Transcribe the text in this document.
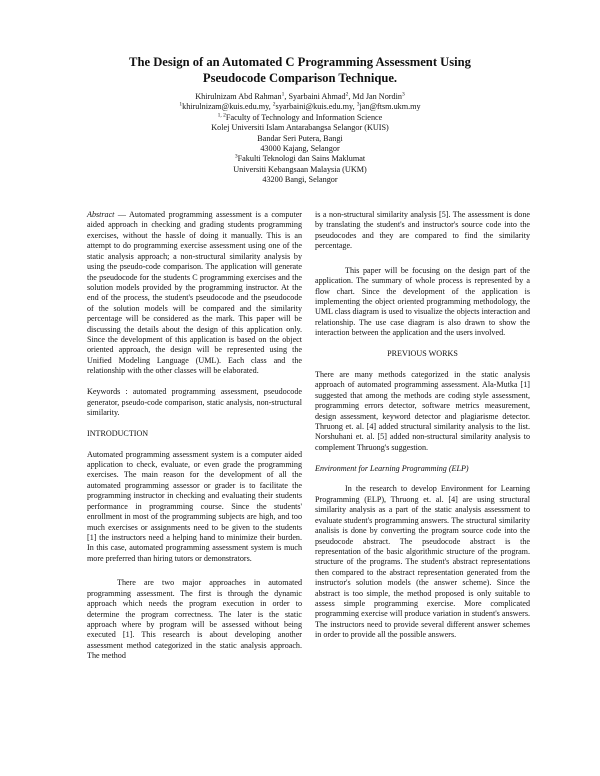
The Design of an Automated C Programming Assessment Using
Pseudocode Comparison Technique.
Khirulnizam Abd Rahman$^1$, Syarbaini Ahmad$^2$, Md Jan Nordin$^3$
$^1$khirulnizam@kuis.edu.my, $^2$syarbaini@kuis.edu.my, $^3$jan@ftsm.ukm.my
$^{1, 2}$Faculty of Technology and Information Science
Kolej Universiti Islam Antarabangsa Selangor (KUIS)
Bandar Seri Putera, Bangi
43000 Kajang, Selangor
$^3$Fakulti Teknologi dan Sains Maklumat
Universiti Kebangsaan Malaysia (UKM)
43200 Bangi, Selangor

Abstract — Automated programming assessment is a computer aided approach in checking and grading students programming exercises, without the hassle of doing it manually. This is an attempt to do programming exercise assessment using one of the static analysis approach; a non-structural similarity analysis by using the pseudo-code comparison. The application will generate the pseudocode for the students C programming exercises and the solution models provided by the programming instructor. At the end of the process, the student's pseudocode and the pseudocode of the solution models will be compared and the similarity percentage will be considered as the mark. This paper will be discussing the details about the design of this application only. Since the development of this application is based on the object oriented approach, the design will be represented using the Unified Modeling Language (UML). Each class and the relationship with the other classes will be elaborated.

Keywords : automated programming assessment, pseudocode generator, pseudo-code comparison, static analysis, non-structural similarity.

INTRODUCTION

Automated programming assessment system is a computer aided application to check, evaluate, or even grade the programming exercises. The main reason for the development of all the automated programming assessor or grader is to facilitate the programming instructor in checking and evaluating their students performance in programming course. Since the students' enrollment in most of the programming subjects are high, and too much exercises or assignments need to be given to the students [1] the instructors need a helping hand to minimize their burden. In this case, automated programming assessment system is much more preferred than hiring tutors or demonstrators.

There are two major approaches in automated programming assessment. The first is through the dynamic approach which needs the program execution in order to determine the program correctness. The later is the static approach where by program will be assessed without being executed [1]. This research is about developing another assessment method categorized in the static analysis approach. The method

is a non-structural similarity analysis [5]. The assessment is done by translating the student's and instructor's source code into the pseudocodes and they are compared to find the similarity percentage.

This paper will be focusing on the design part of the application. The summary of whole process is represented by a flow chart. Since the development of the application is implementing the object oriented programming methodology, the UML class diagram is used to visualize the objects interaction and relationship. The use case diagram is also drawn to show the interaction between the application and the users involved.

PREVIOUS WORKS

There are many methods categorized in the static analysis approach of automated programming assessment. Ala-Mutka [1] suggested that among the methods are coding style assessment, programming errors detector, software metrics measurement, design assessment, keyword detector and plagiarisme detector. Thruong et. al. [4] added structural similarity analysis to the list. Norshuhani et. al. [5] added non-structural similarity analysis to complement Thruong's suggestion.

Environment for Learning Programming (ELP)

In the research to develop Environment for Learning Programming (ELP), Thruong et. al. [4] are using structural similarity analysis as a part of the static analysis assessment to evaluate student's programming answers. The structural similarity analisis is done by converting the program source code into the pseudocode abstract. The pseudocode abstract is the representation of the basic algorithmic structure of the program. structure of the programs. The student's abstract representations then compared to the abstract representation generated from the instructor's solution models (the answer scheme). Since the abstract is too simple, the method proposed is only suitable to assess simple programming exercise. More complicated programming exercise will produce variation in student's answers. The instructors need to provide several different answer schemes in order to provide all the possible answers.
